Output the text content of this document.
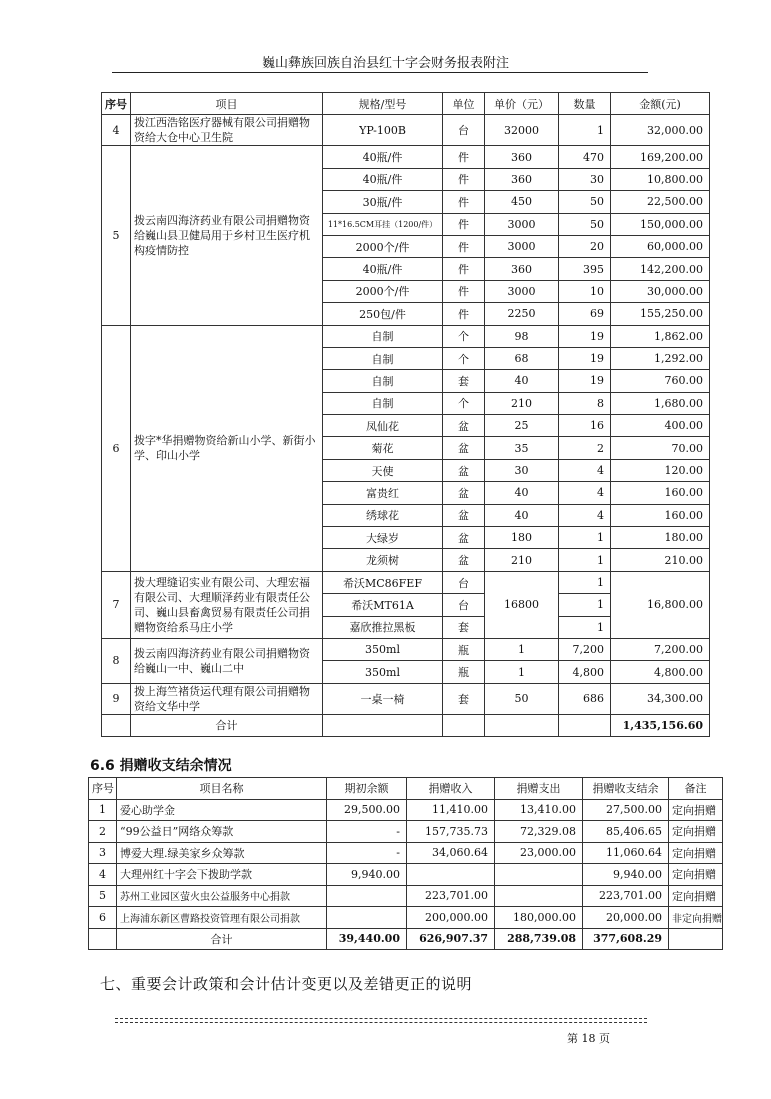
巍山彝族回族自治县红十字会财务报表附注
序号	项目	规格/型号	单位	单价（元）	数量	金额(元)
4	拨江西浩铭医疗器械有限公司捐赠物资给大仓中心卫生院	YP-100B	台	32000	1	32,000.00
5	拨云南四海济药业有限公司捐赠物资给巍山县卫健局用于乡村卫生医疗机构疫情防控	40瓶/件	件	360	470	169,200.00
		40瓶/件	件	360	30	10,800.00
		30瓶/件	件	450	50	22,500.00
		11*16.5CM耳挂（1200/件）	件	3000	50	150,000.00
		2000个/件	件	3000	20	60,000.00
		40瓶/件	件	360	395	142,200.00
		2000个/件	件	3000	10	30,000.00
		250包/件	件	2250	69	155,250.00
6	拨字*华捐赠物资给新山小学、新街小学、印山小学	自制	个	98	19	1,862.00
		自制	个	68	19	1,292.00
		自制	套	40	19	760.00
		自制	个	210	8	1,680.00
		凤仙花	盆	25	16	400.00
		菊花	盆	35	2	70.00
		天使	盆	30	4	120.00
		富贵红	盆	40	4	160.00
		绣球花	盆	40	4	160.00
		大绿岁	盆	180	1	180.00
		龙须树	盆	210	1	210.00
7	拨大理缝诏实业有限公司、大理宏福有限公司、大理顺泽药业有限责任公司、巍山县畜禽贸易有限责任公司捐赠物资给系马庄小学	希沃MC86FEF	台	16800	1	16,800.00
		希沃MT61A	台		1	
		嘉欣推拉黑板	套		1	
8	拨云南四海济药业有限公司捐赠物资给巍山一中、巍山二中	350ml	瓶	1	7,200	7,200.00
		350ml	瓶	1	4,800	4,800.00
9	拨上海竺褚货运代理有限公司捐赠物资给文华中学	一桌一椅	套	50	686	34,300.00
	合计					1,435,156.60
6.6 捐赠收支结余情况
序号	项目名称	期初余额	捐赠收入	捐赠支出	捐赠收支结余	备注
1	爱心助学金	29,500.00	11,410.00	13,410.00	27,500.00	定向捐赠
2	“99公益日”网络众筹款	-	157,735.73	72,329.08	85,406.65	定向捐赠
3	博爱大理.绿美家乡众筹款	-	34,060.64	23,000.00	11,060.64	定向捐赠
4	大理州红十字会下拨助学款	9,940.00			9,940.00	定向捐赠
5	苏州工业园区萤火虫公益服务中心捐款		223,701.00		223,701.00	定向捐赠
6	上海浦东新区曹路投资管理有限公司捐款		200,000.00	180,000.00	20,000.00	非定向捐赠
	合计	39,440.00	626,907.37	288,739.08	377,608.29	
七、重要会计政策和会计估计变更以及差错更正的说明
第 18 页
